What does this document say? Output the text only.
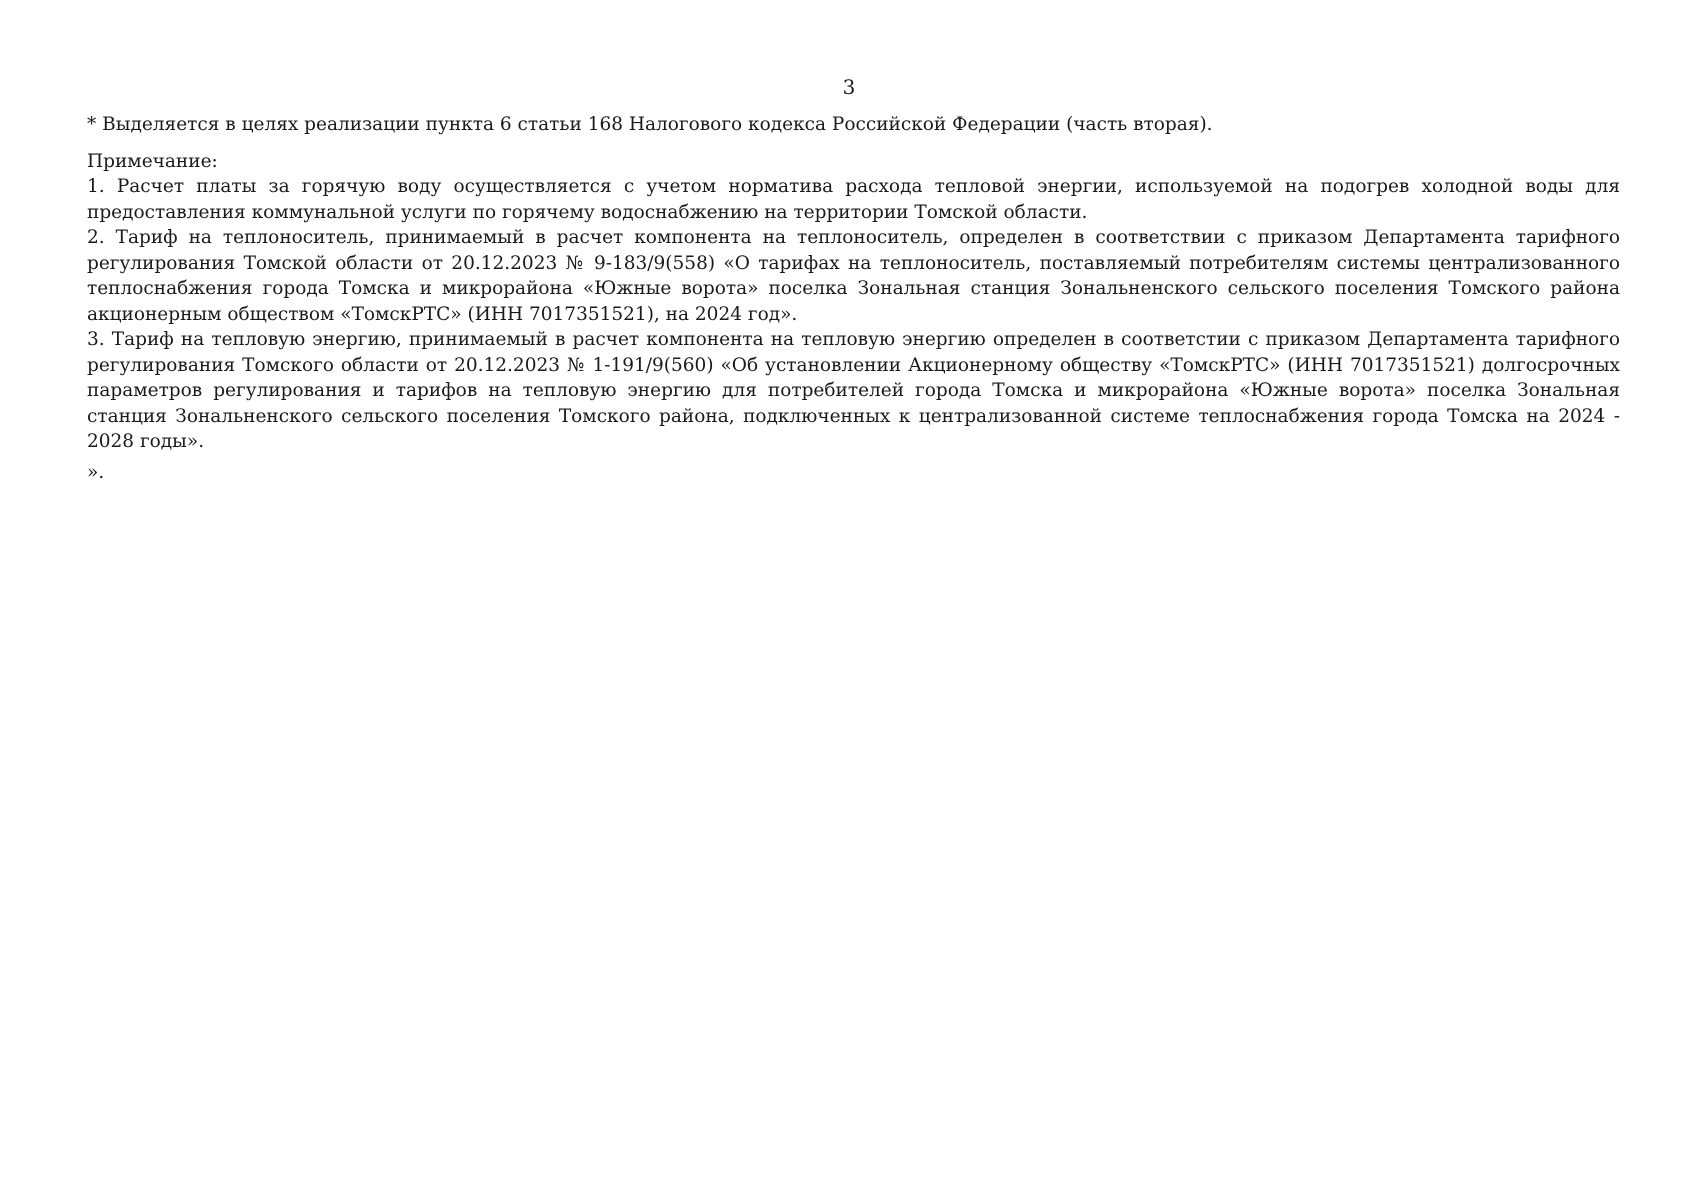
3

* Выделяется в целях реализации пункта 6 статьи 168 Налогового кодекса Российской Федерации (часть вторая).

Примечание:

1. Расчет платы за горячую воду осуществляется с учетом норматива расхода тепловой энергии, используемой на подогрев холодной воды для предоставления коммунальной услуги по горячему водоснабжению на территории Томской области.

2. Тариф на теплоноситель, принимаемый в расчет компонента на теплоноситель, определен в соответствии с приказом Департамента тарифного регулирования Томской области от 20.12.2023 № 9-183/9(558) «О тарифах на теплоноситель, поставляемый потребителям системы централизованного теплоснабжения города Томска и микрорайона «Южные ворота» поселка Зональная станция Зональненского сельского поселения Томского района акционерным обществом «ТомскРТС» (ИНН 7017351521), на 2024 год».

3. Тариф на тепловую энергию, принимаемый в расчет компонента на тепловую энергию определен в соответстии с приказом Департамента тарифного регулирования Томского области от 20.12.2023 № 1-191/9(560) «Об установлении Акционерному обществу «ТомскРТС» (ИНН 7017351521) долгосрочных параметров регулирования и тарифов на тепловую энергию для потребителей города Томска и микрорайона «Южные ворота» поселка Зональная станция Зональненского сельского поселения Томского района, подключенных к централизованной системе теплоснабжения города Томска на 2024 - 2028 годы».

».
